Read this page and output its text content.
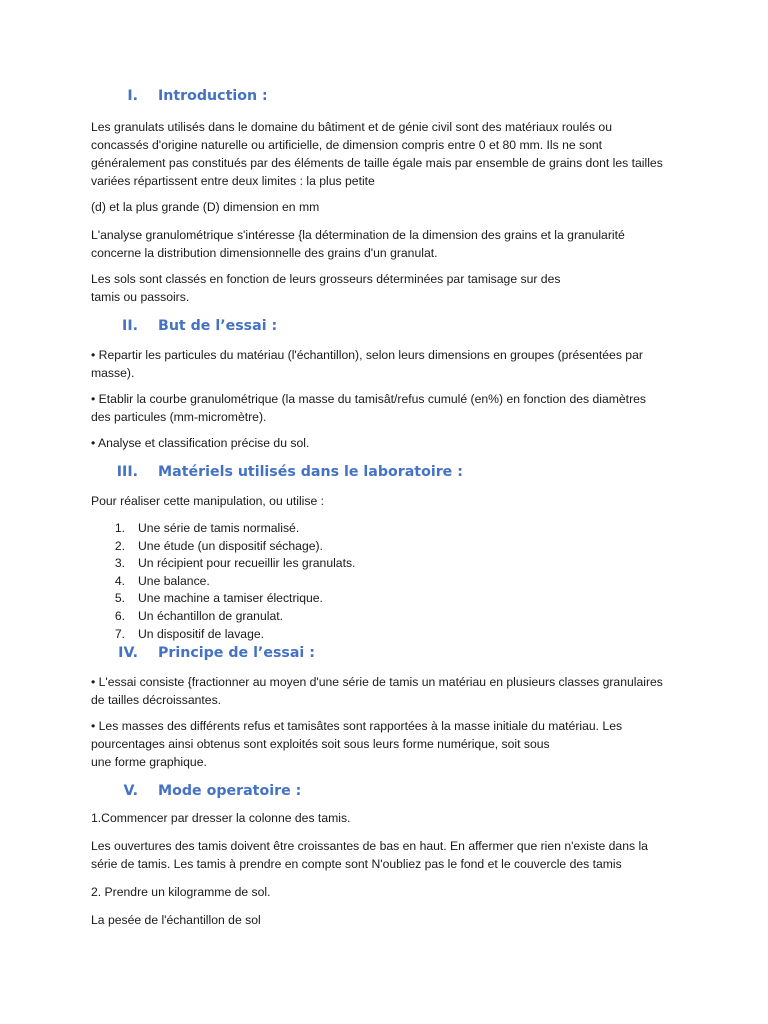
I. Introduction :

Les granulats utilisés dans le domaine du bâtiment et de génie civil sont des matériaux roulés ou concassés d'origine naturelle ou artificielle, de dimension compris entre 0 et 80 mm. Ils ne sont généralement pas constitués par des éléments de taille égale mais par ensemble de grains dont les tailles variées répartissent entre deux limites : la plus petite

(d) et la plus grande (D) dimension en mm

L'analyse granulométrique s'intéresse {la détermination de la dimension des grains et la granularité concerne la distribution dimensionnelle des grains d'un granulat.

Les sols sont classés en fonction de leurs grosseurs déterminées par tamisage sur des
tamis ou passoirs.

II. But de l’essai :

• Repartir les particules du matériau (l'échantillon), selon leurs dimensions en groupes (présentées par masse).

• Etablir la courbe granulométrique (la masse du tamisât/refus cumulé (en%) en fonction des diamètres des particules (mm-micromètre).

• Analyse et classification précise du sol.

III. Matériels utilisés dans le laboratoire :

Pour réaliser cette manipulation, ou utilise :

1.	Une série de tamis normalisé.
2.	Une étude (un dispositif séchage).
3.	Un récipient pour recueillir les granulats.
4.	Une balance.
5.	Une machine a tamiser électrique.
6.	Un échantillon de granulat.
7.	Un dispositif de lavage.
IV. Principe de l’essai :

• L'essai consiste {fractionner au moyen d'une série de tamis un matériau en plusieurs classes granulaires de tailles décroissantes.

• Les masses des différents refus et tamisâtes sont rapportées à la masse initiale du matériau. Les pourcentages ainsi obtenus sont exploités soit sous leurs forme numérique, soit sous
une forme graphique.

V. Mode operatoire :

1.Commencer par dresser la colonne des tamis.

Les ouvertures des tamis doivent être croissantes de bas en haut. En affermer que rien n'existe dans la série de tamis. Les tamis à prendre en compte sont N'oubliez pas le fond et le couvercle des tamis

2. Prendre un kilogramme de sol.

La pesée de l'échantillon de sol
